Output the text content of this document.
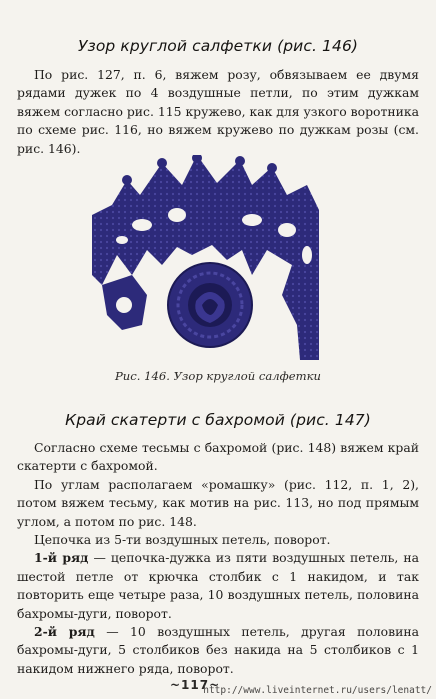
Узор круглой салфетки (рис. 146)
По рис. 127, п. 6, вяжем розу, обвязываем ее двумя рядами дужек по 4 воздушные петли, по этим дужкам вяжем согласно рис. 115 кружево, как для узкого воротника по схеме рис. 116, но вяжем кружево по дужкам розы (см. рис. 146).
Рис. 146. Узор круглой салфетки
Край скатерти с бахромой (рис. 147)

Согласно схеме тесьмы с бахромой (рис. 148) вяжем край скатерти с бахромой.

По углам располагаем «ромашку» (рис. 112, п. 1, 2), потом вяжем тесьму, как мотив на рис. 113, но под прямым углом, а потом по рис. 148.

Цепочка из 5-ти воздушных петель, поворот.

1-й ряд — цепочка-дужка из пяти воздушных петель, на шестой петле от крючка столбик с 1 накидом, и так повторить еще четыре раза, 10 воздушных петель, половина бахромы-дуги, поворот.

2-й ряд — 10 воздушных петель, другая половина бахромы-дуги, 5 столбиков без накида на 5 столбиков с 1 накидом нижнего ряда, поворот.

~117~
http://www.liveinternet.ru/users/lenatt/
